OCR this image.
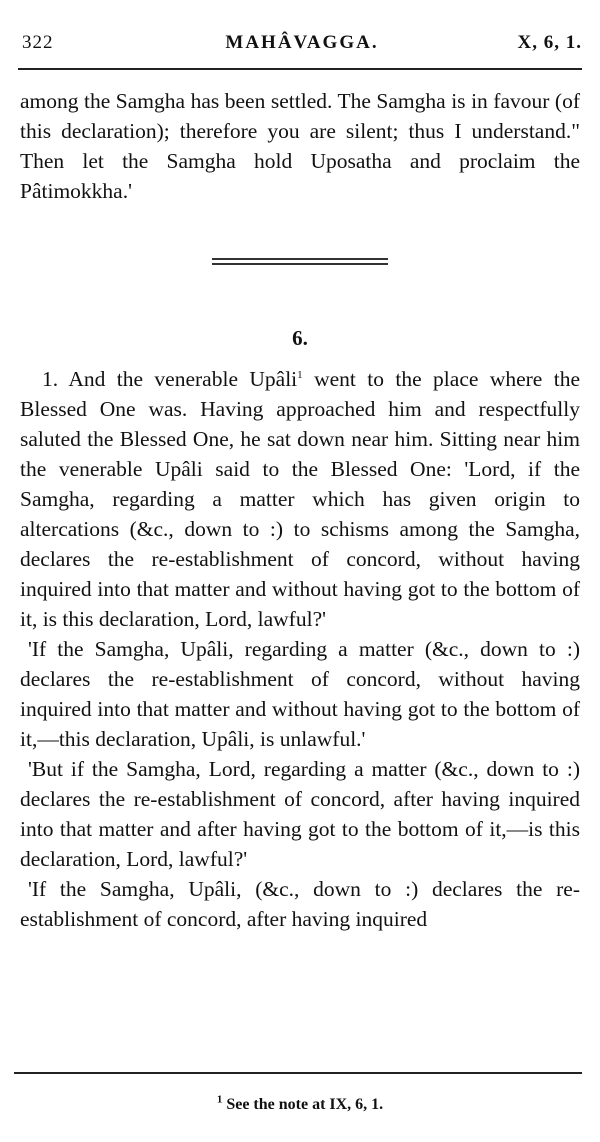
322	MAHÂVAGGA.	X, 6, 1.

among the Samgha has been settled. The Samgha is in favour (of this declaration); therefore you are silent; thus I understand." Then let the Samgha hold Uposatha and proclaim the Pâtimokkha.'

6.

1. And the venerable Upâli$^1$ went to the place where the Blessed One was. Having approached him and respectfully saluted the Blessed One, he sat down near him. Sitting near him the venerable Upâli said to the Blessed One: 'Lord, if the Samgha, regarding a matter which has given origin to altercations (&c., down to :) to schisms among the Samgha, declares the re-establishment of concord, without having inquired into that matter and without having got to the bottom of it, is this declaration, Lord, lawful?'

'If the Samgha, Upâli, regarding a matter (&c., down to :) declares the re-establishment of concord, without having inquired into that matter and without having got to the bottom of it,—this declaration, Upâli, is unlawful.'

'But if the Samgha, Lord, regarding a matter (&c., down to :) declares the re-establishment of concord, after having inquired into that matter and after having got to the bottom of it,—is this declaration, Lord, lawful?'

'If the Samgha, Upâli, (&c., down to :) declares the re-establishment of concord, after having inquired

$^1$ See the note at IX, 6, 1.
